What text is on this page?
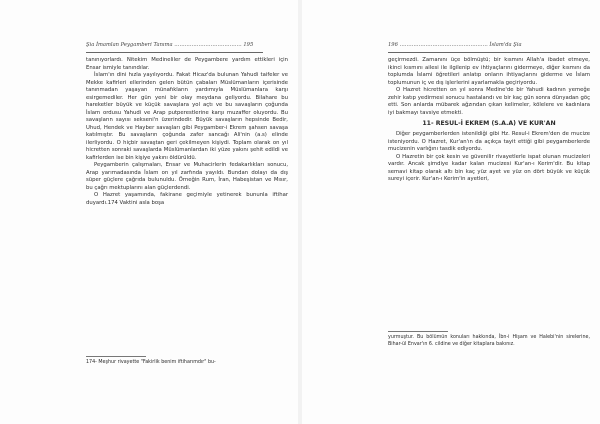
Şia İmamlan Peygamberi Tanıma ………………………………… 195

tanınıyorlardı. Nitekim Medineliler de Peygambere yardım ettikleri için Ensar ismiyle tanındılar.

İslam'ın dini hızla yayılıyordu. Fakat Hicaz'da bulunan Yahudi taifeler ve Mekke kafirleri ellerinden gelen bütün çabaları Müslümanların içerisinde tanınmadan yaşayan münafıkların yardımıyla Müslümanlara karşı esirgemediler. Her gün yeni bir olay meydana geliyordu. Bilahare bu hareketler büyük ve küçük savaşlara yol açtı ve bu savaşların çoğunda İslam ordusu Yahudi ve Arap putperestlerine karşı muzaffer oluyordu. Bu savaşların sayısı sekseni'n üzerindedir. Büyük savaşların hepsinde Bedir, Uhud, Hendek ve Hayber savaşları gibi Peygamber-i Ekrem şahsen savaşa katılmıştır. Bu savaşların çoğunda zafer sancağı Ali'nin (a.s) elinde ilerliyordu. O hiçbir savaştan geri çekilmeyen kişiydi. Toplam olarak on yıl hicretten sonraki savaşlarda Müslümanlardan iki yüze yakını şehit edildi ve kafirlerden ise bin kişiye yakını öldürüldü.

Peygamberin çalışmaları, Ensar ve Muhacirlerin fedakarlıkları sonucu, Arap yarımadasında İslam on yıl zarfında yayıldı. Bundan dolayı da dış süper güçlere çağrıda bulunuldu. Örneğin Rum, İran, Habeşistan ve Mısır, bu çağrı mektuplarını alan güçlerdendi.

O Hazret yaşamında, fakirane geçimiyle yetinerek bununla iftihar duyardı.174 Vaktini asla boşa

174- Meşhur rivayette "Fakirlik benim iftiharımdır" bu-
196 …………………………………………… İslam'da Şia

geçirmezdi. Zamanını üçe bölmüştü; bir kısmını Allah'a ibadet etmeye, ikinci kısmını ailesi ile ilgilenip ev ihtiyaçlarını gidermeye, diğer kısmını da toplumda İslami öğretileri anlatıp onların ihtiyaçlarını giderme ve İslam toplumunun iç ve dış işlerlerini ayarlamakla geçiriyordu.

O Hazret hicretten on yıl sonra Medine'de bir Yahudi kadının yemeğe zehir katıp yedirmesi sonucu hastalandı ve bir kaç gün sonra dünyadan göç etti. Son anlarda mübarek ağzından çıkan kelimeler, kölelere ve kadınlara iyi bakmayı tavsiye etmekti.

11- RESUL-İ EKREM (S.A.A) VE KUR'AN

Diğer peygamberlerden istenildiği gibi Hz. Resul-i Ekrem'den de mucize isteniyordu. O Hazret, Kur'an'ın da açıkça tayit ettiği gibi peygamberlerde mucizenin varlığını tasdik ediyordu.

O Hazretin bir çok kesin ve güvenilir rivayetlerle ispat olunan mucizeleri vardır. Ancak şimdiye kadar kalan mucizesi Kur'an-ı Kerim'dir. Bu kitap semavi kitap olarak altı bin kaç yüz ayet ve yüz on dört büyük ve küçük sureyi içerir. Kur'an-ı Kerim'in ayetleri,

yurmuştur. Bu bölümün konuları hakkında, İbn-i Hişam ve Halebi'nin sirelerine, Bihar-ül Envar'ın 6. cildine ve diğer kitaplara bakınız.
